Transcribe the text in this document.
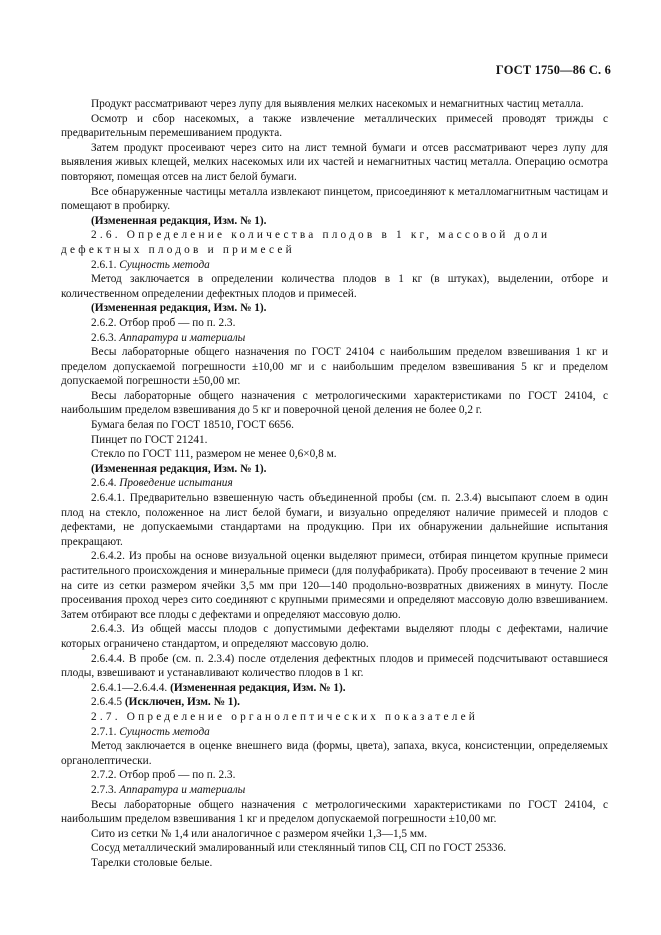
ГОСТ 1750—86 С. 6

Продукт рассматривают через лупу для выявления мелких насекомых и немагнитных частиц металла.

Осмотр и сбор насекомых, а также извлечение металлических примесей проводят трижды с предварительным перемешиванием продукта.

Затем продукт просеивают через сито на лист темной бумаги и отсев рассматривают через лупу для выявления живых клещей, мелких насекомых или их частей и немагнитных частиц металла. Операцию осмотра повторяют, помещая отсев на лист белой бумаги.

Все обнаруженные частицы металла извлекают пинцетом, присоединяют к металломагнитным частицам и помещают в пробирку.

(Измененная редакция, Изм. № 1).

2.6. Определение количества плодов в 1 кг, массовой доли дефектных плодов и примесей

2.6.1. Сущность метода

Метод заключается в определении количества плодов в 1 кг (в штуках), выделении, отборе и количественном определении дефектных плодов и примесей.

(Измененная редакция, Изм. № 1).

2.6.2. Отбор проб — по п. 2.3.

2.6.3. Аппаратура и материалы

Весы лабораторные общего назначения по ГОСТ 24104 с наибольшим пределом взвешивания 1 кг и пределом допускаемой погрешности ±10,00 мг и с наибольшим пределом взвешивания 5 кг и пределом допускаемой погрешности ±50,00 мг.

Весы лабораторные общего назначения с метрологическими характеристиками по ГОСТ 24104, с наибольшим пределом взвешивания до 5 кг и поверочной ценой деления не более 0,2 г.

Бумага белая по ГОСТ 18510, ГОСТ 6656.

Пинцет по ГОСТ 21241.

Стекло по ГОСТ 111, размером не менее 0,6×0,8 м.

(Измененная редакция, Изм. № 1).

2.6.4. Проведение испытания

2.6.4.1. Предварительно взвешенную часть объединенной пробы (см. п. 2.3.4) высыпают слоем в один плод на стекло, положенное на лист белой бумаги, и визуально определяют наличие примесей и плодов с дефектами, не допускаемыми стандартами на продукцию. При их обнаружении дальнейшие испытания прекращают.

2.6.4.2. Из пробы на основе визуальной оценки выделяют примеси, отбирая пинцетом крупные примеси растительного происхождения и минеральные примеси (для полуфабриката). Пробу просеивают в течение 2 мин на сите из сетки размером ячейки 3,5 мм при 120—140 продольно-возвратных движениях в минуту. После просеивания проход через сито соединяют с крупными примесями и определяют массовую долю взвешиванием. Затем отбирают все плоды с дефектами и определяют массовую долю.

2.6.4.3. Из общей массы плодов с допустимыми дефектами выделяют плоды с дефектами, наличие которых ограничено стандартом, и определяют массовую долю.

2.6.4.4. В пробе (см. п. 2.3.4) после отделения дефектных плодов и примесей подсчитывают оставшиеся плоды, взвешивают и устанавливают количество плодов в 1 кг.

2.6.4.1—2.6.4.4. (Измененная редакция, Изм. № 1).

2.6.4.5 (Исключен, Изм. № 1).

2.7. Определение органолептических показателей

2.7.1. Сущность метода

Метод заключается в оценке внешнего вида (формы, цвета), запаха, вкуса, консистенции, определяемых органолептически.

2.7.2. Отбор проб — по п. 2.3.

2.7.3. Аппаратура и материалы

Весы лабораторные общего назначения с метрологическими характеристиками по ГОСТ 24104, с наибольшим пределом взвешивания 1 кг и пределом допускаемой погрешности ±10,00 мг.

Сито из сетки № 1,4 или аналогичное с размером ячейки 1,3—1,5 мм.

Сосуд металлический эмалированный или стеклянный типов СЦ, СП по ГОСТ 25336.

Тарелки столовые белые.
